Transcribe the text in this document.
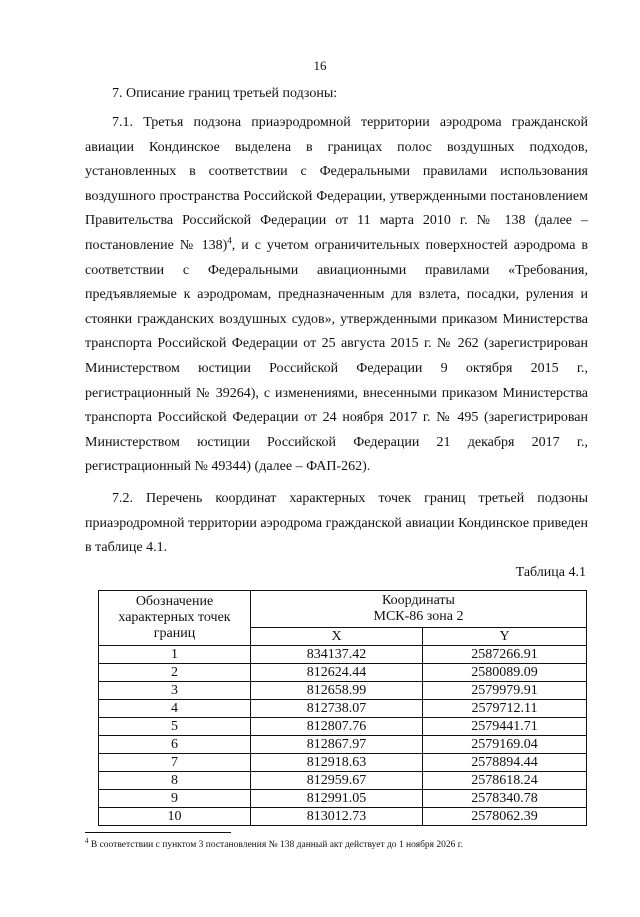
16
7. Описание границ третьей подзоны:

7.1. Третья подзона приаэродромной территории аэродрома гражданской авиации Кондинское выделена в границах полос воздушных подходов, установленных в соответствии с Федеральными правилами использования воздушного пространства Российской Федерации, утвержденными постановлением Правительства Российской Федерации от 11 марта 2010 г. № 138 (далее – постановление № 138)$^4$, и с учетом ограничительных поверхностей аэродрома в соответствии с Федеральными авиационными правилами «Требования, предъявляемые к аэродромам, предназначенным для взлета, посадки, руления и стоянки гражданских воздушных судов», утвержденными приказом Министерства транспорта Российской Федерации от 25 августа 2015 г. № 262 (зарегистрирован Министерством юстиции Российской Федерации 9 октября 2015 г., регистрационный № 39264), с изменениями, внесенными приказом Министерства транспорта Российской Федерации от 24 ноября 2017 г. № 495 (зарегистрирован Министерством юстиции Российской Федерации 21 декабря 2017 г., регистрационный № 49344) (далее – ФАП-262).

7.2. Перечень координат характерных точек границ третьей подзоны приаэродромной территории аэродрома гражданской авиации Кондинское приведен в таблице 4.1.

Таблица 4.1
Обозначение характерных точек границ	Координаты
МСК-86 зона 2	

	X	Y
1	834137.42	2587266.91
2	812624.44	2580089.09
3	812658.99	2579979.91
4	812738.07	2579712.11
5	812807.76	2579441.71
6	812867.97	2579169.04
7	812918.63	2578894.44
8	812959.67	2578618.24
9	812991.05	2578340.78
10	813012.73	2578062.39
$^4$ В соответствии с пунктом 3 постановления № 138 данный акт действует до 1 ноября 2026 г.
